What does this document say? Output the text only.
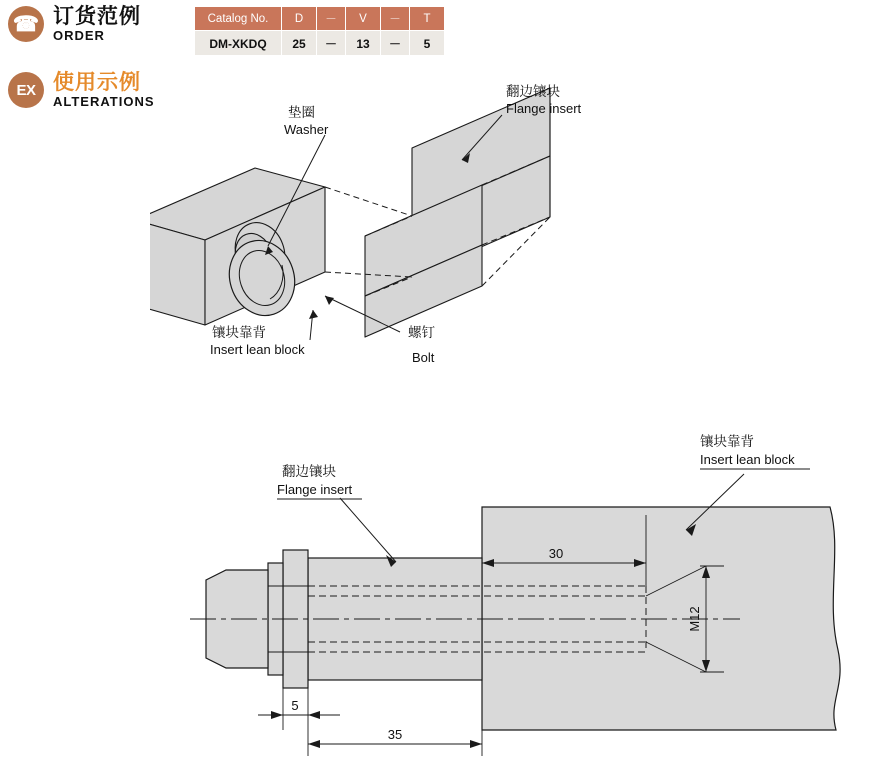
☎ 订货范例
ORDER
EX 使用示例
ALTERATIONS
Catalog No.	D	－	V	－	T
DM-XKDQ	25	－	13	－	5
翻边镶块
Flange insert
垫圈
Washer
镶块靠背
Insert lean block
螺钉
Bolt
30
M12
5
35
翻边镶块
Flange insert
镶块靠背
Insert lean block
